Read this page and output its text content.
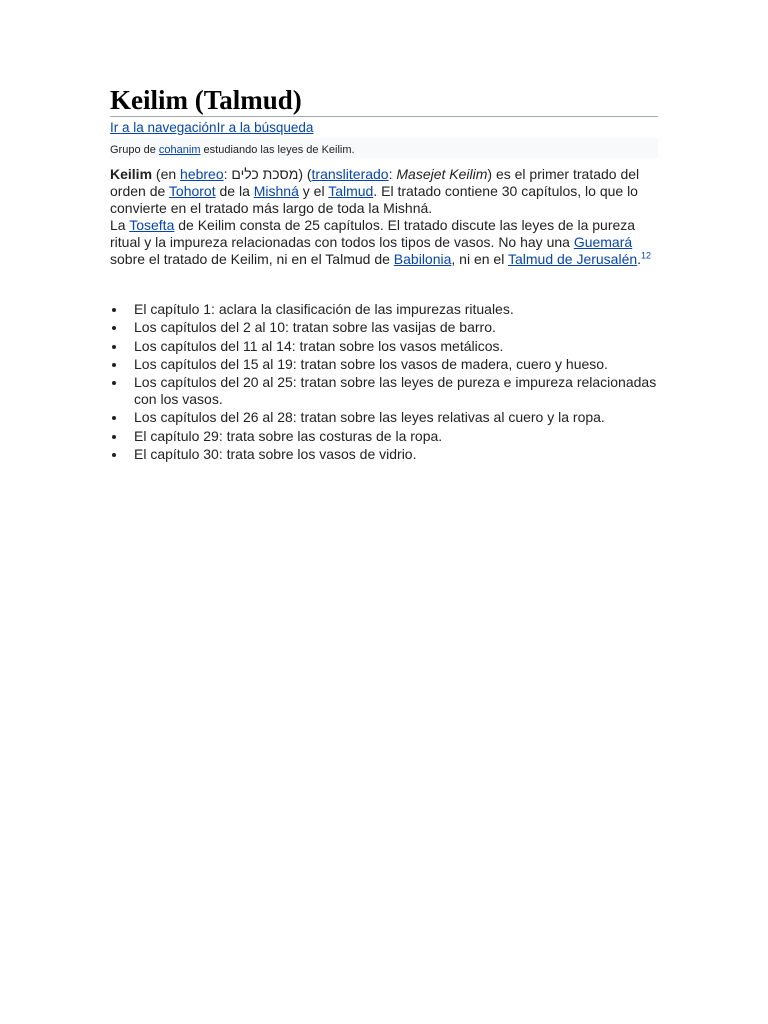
Keilim (Talmud)
Ir a la navegaciónIr a la búsqueda
Grupo de cohanim estudiando las leyes de Keilim.

Keilim (en hebreo: מסכת כלים) (transliterado: Masejet Keilim) es el primer tratado del orden de Tohorot de la Mishná y el Talmud. El tratado contiene 30 capítulos, lo que lo convierte en el tratado más largo de toda la Mishná.
La Tosefta de Keilim consta de 25 capítulos. El tratado discute las leyes de la pureza ritual y la impureza relacionadas con todos los tipos de vasos. No hay una Guemará sobre el tratado de Keilim, ni en el Talmud de Babilonia, ni en el Talmud de Jerusalén.$^{12}$

El capítulo 1: aclara la clasificación de las impurezas rituales.
Los capítulos del 2 al 10: tratan sobre las vasijas de barro.
Los capítulos del 11 al 14: tratan sobre los vasos metálicos.
Los capítulos del 15 al 19: tratan sobre los vasos de madera, cuero y hueso.
Los capítulos del 20 al 25: tratan sobre las leyes de pureza e impureza relacionadas con los vasos.
Los capítulos del 26 al 28: tratan sobre las leyes relativas al cuero y la ropa.
El capítulo 29: trata sobre las costuras de la ropa.
El capítulo 30: trata sobre los vasos de vidrio.
